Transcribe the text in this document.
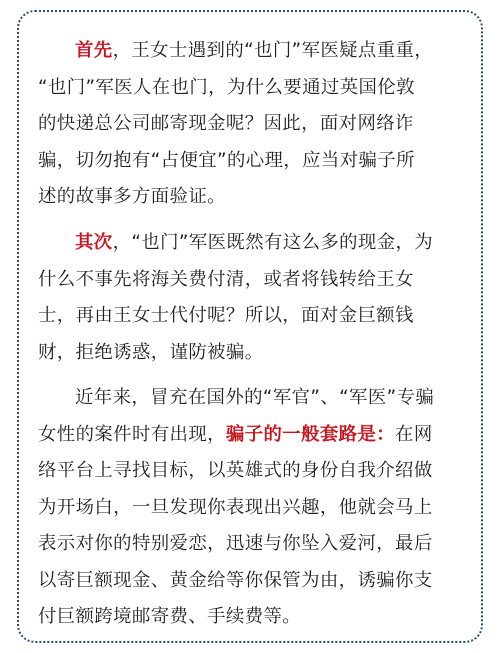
首先，王女士遇到的“也门”军医疑点重重，
“也门”军医人在也门，为什么要通过英国伦敦
的快递总公司邮寄现金呢？因此，面对网络诈
骗，切勿抱有“占便宜”的心理，应当对骗子所
述的故事多方面验证。

其次，“也门”军医既然有这么多的现金，为
什么不事先将海关费付清，或者将钱转给王女
士，再由王女士代付呢？所以，面对金巨额钱
财，拒绝诱惑，谨防被骗。

近年来，冒充在国外的“军官”、“军医”专骗
女性的案件时有出现，骗子的一般套路是：在网
络平台上寻找目标，以英雄式的身份自我介绍做
为开场白，一旦发现你表现出兴趣，他就会马上
表示对你的特别爱恋，迅速与你坠入爱河，最后
以寄巨额现金、黄金给等你保管为由，诱骗你支
付巨额跨境邮寄费、手续费等。
